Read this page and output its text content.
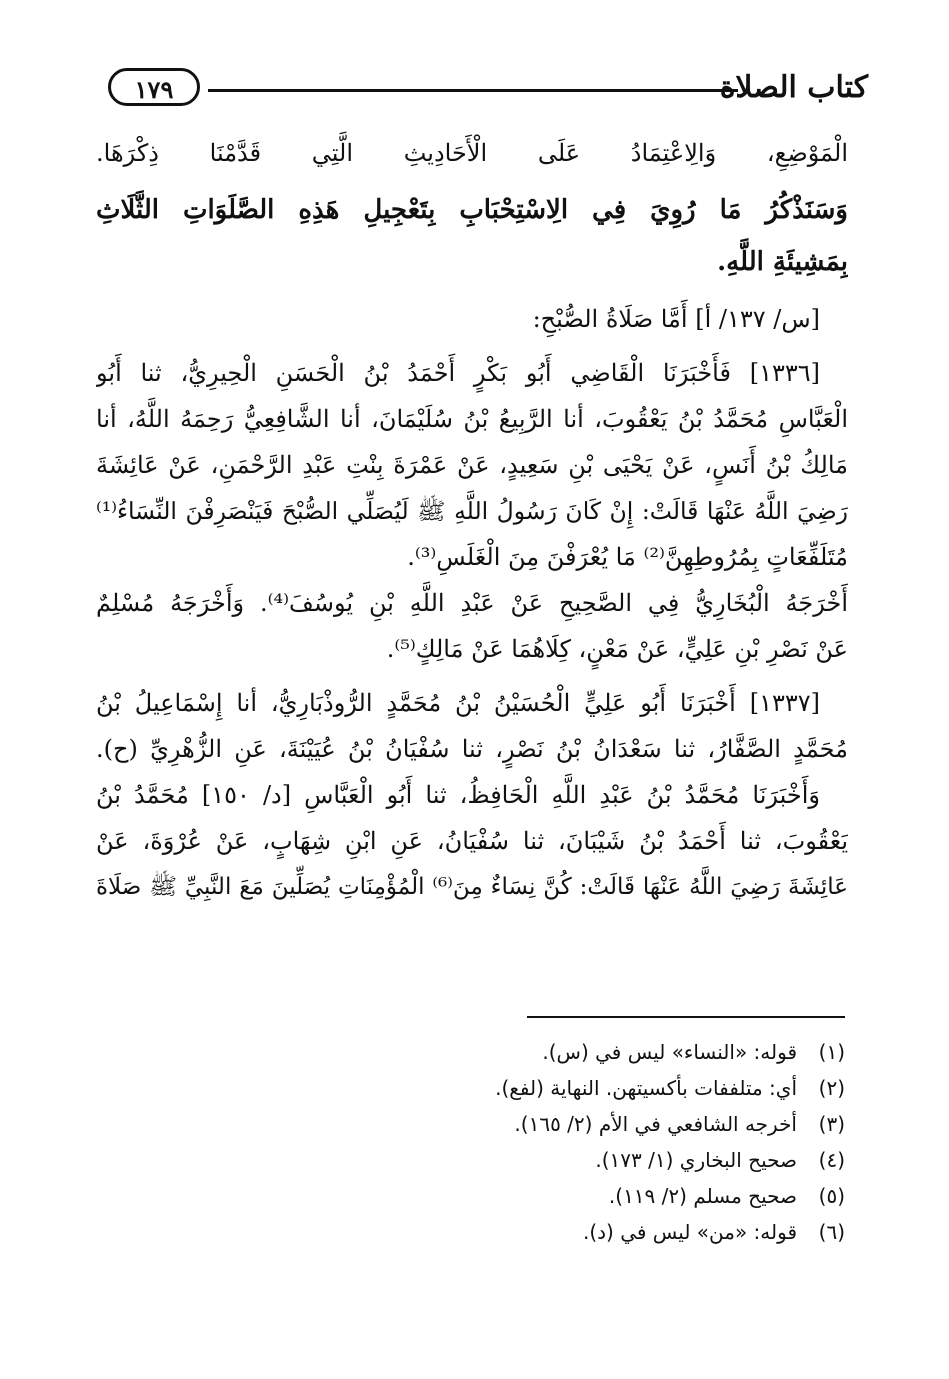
كتاب الصلاة
١٧٩
الْمَوْضِعِ، وَالِاعْتِمَادُ عَلَى الْأَحَادِيثِ الَّتِي قَدَّمْنَا ذِكْرَهَا.
وَسَنَذْكُرُ مَا رُوِيَ فِي الِاسْتِحْبَابِ بِتَعْجِيلِ هَذِهِ الصَّلَوَاتِ الثَّلَاثِ
بِمَشِيئَةِ اللَّهِ.
[س/ ١٣٧/ أ] أَمَّا صَلَاةُ الصُّبْحِ:
[١٣٣٦] فَأَخْبَرَنَا الْقَاضِي أَبُو بَكْرٍ أَحْمَدُ بْنُ الْحَسَنِ الْحِيرِيُّ، ثنا أَبُو
الْعَبَّاسِ مُحَمَّدُ بْنُ يَعْقُوبَ، أنا الرَّبِيعُ بْنُ سُلَيْمَانَ، أنا الشَّافِعِيُّ رَحِمَهُ اللَّهُ، أنا
مَالِكُ بْنُ أَنَسٍ، عَنْ يَحْيَى بْنِ سَعِيدٍ، عَنْ عَمْرَةَ بِنْتِ عَبْدِ الرَّحْمَنِ، عَنْ عَائِشَةَ
رَضِيَ اللَّهُ عَنْهَا قَالَتْ: إِنْ كَانَ رَسُولُ اللَّهِ ﷺ لَيُصَلِّي الصُّبْحَ فَيَنْصَرِفْنَ النِّسَاءُ⁽¹⁾
مُتَلَفِّعَاتٍ بِمُرُوطِهِنَّ⁽²⁾ مَا يُعْرَفْنَ مِنَ الْغَلَسِ⁽³⁾.
أَخْرَجَهُ الْبُخَارِيُّ فِي الصَّحِيحِ عَنْ عَبْدِ اللَّهِ بْنِ يُوسُفَ⁽⁴⁾. وَأَخْرَجَهُ مُسْلِمٌ
عَنْ نَصْرِ بْنِ عَلِيٍّ، عَنْ مَعْنٍ، كِلَاهُمَا عَنْ مَالِكٍ⁽⁵⁾.
[١٣٣٧] أَخْبَرَنَا أَبُو عَلِيٍّ الْحُسَيْنُ بْنُ مُحَمَّدٍ الرُّوذْبَارِيُّ، أنا إِسْمَاعِيلُ بْنُ
مُحَمَّدٍ الصَّفَّارُ، ثنا سَعْدَانُ بْنُ نَصْرٍ، ثنا سُفْيَانُ بْنُ عُيَيْنَةَ، عَنِ الزُّهْرِيِّ (ح).
وَأَخْبَرَنَا مُحَمَّدُ بْنُ عَبْدِ اللَّهِ الْحَافِظُ، ثنا أَبُو الْعَبَّاسِ [د/ ١٥٠] مُحَمَّدُ بْنُ
يَعْقُوبَ، ثنا أَحْمَدُ بْنُ شَيْبَانَ، ثنا سُفْيَانُ، عَنِ ابْنِ شِهَابٍ، عَنْ عُرْوَةَ، عَنْ
عَائِشَةَ رَضِيَ اللَّهُ عَنْهَا قَالَتْ: كُنَّ نِسَاءٌ مِنَ⁽⁶⁾ الْمُؤْمِنَاتِ يُصَلِّينَ مَعَ النَّبِيِّ ﷺ صَلَاةَ
(١)
قوله: «النساء» ليس في (س).
(٢)
أي: متلففات بأكسيتهن. النهاية (لفع).
(٣)
أخرجه الشافعي في الأم (٢/ ١٦٥).
(٤)
صحيح البخاري (١/ ١٧٣).
(٥)
صحيح مسلم (٢/ ١١٩).
(٦)
قوله: «من» ليس في (د).
